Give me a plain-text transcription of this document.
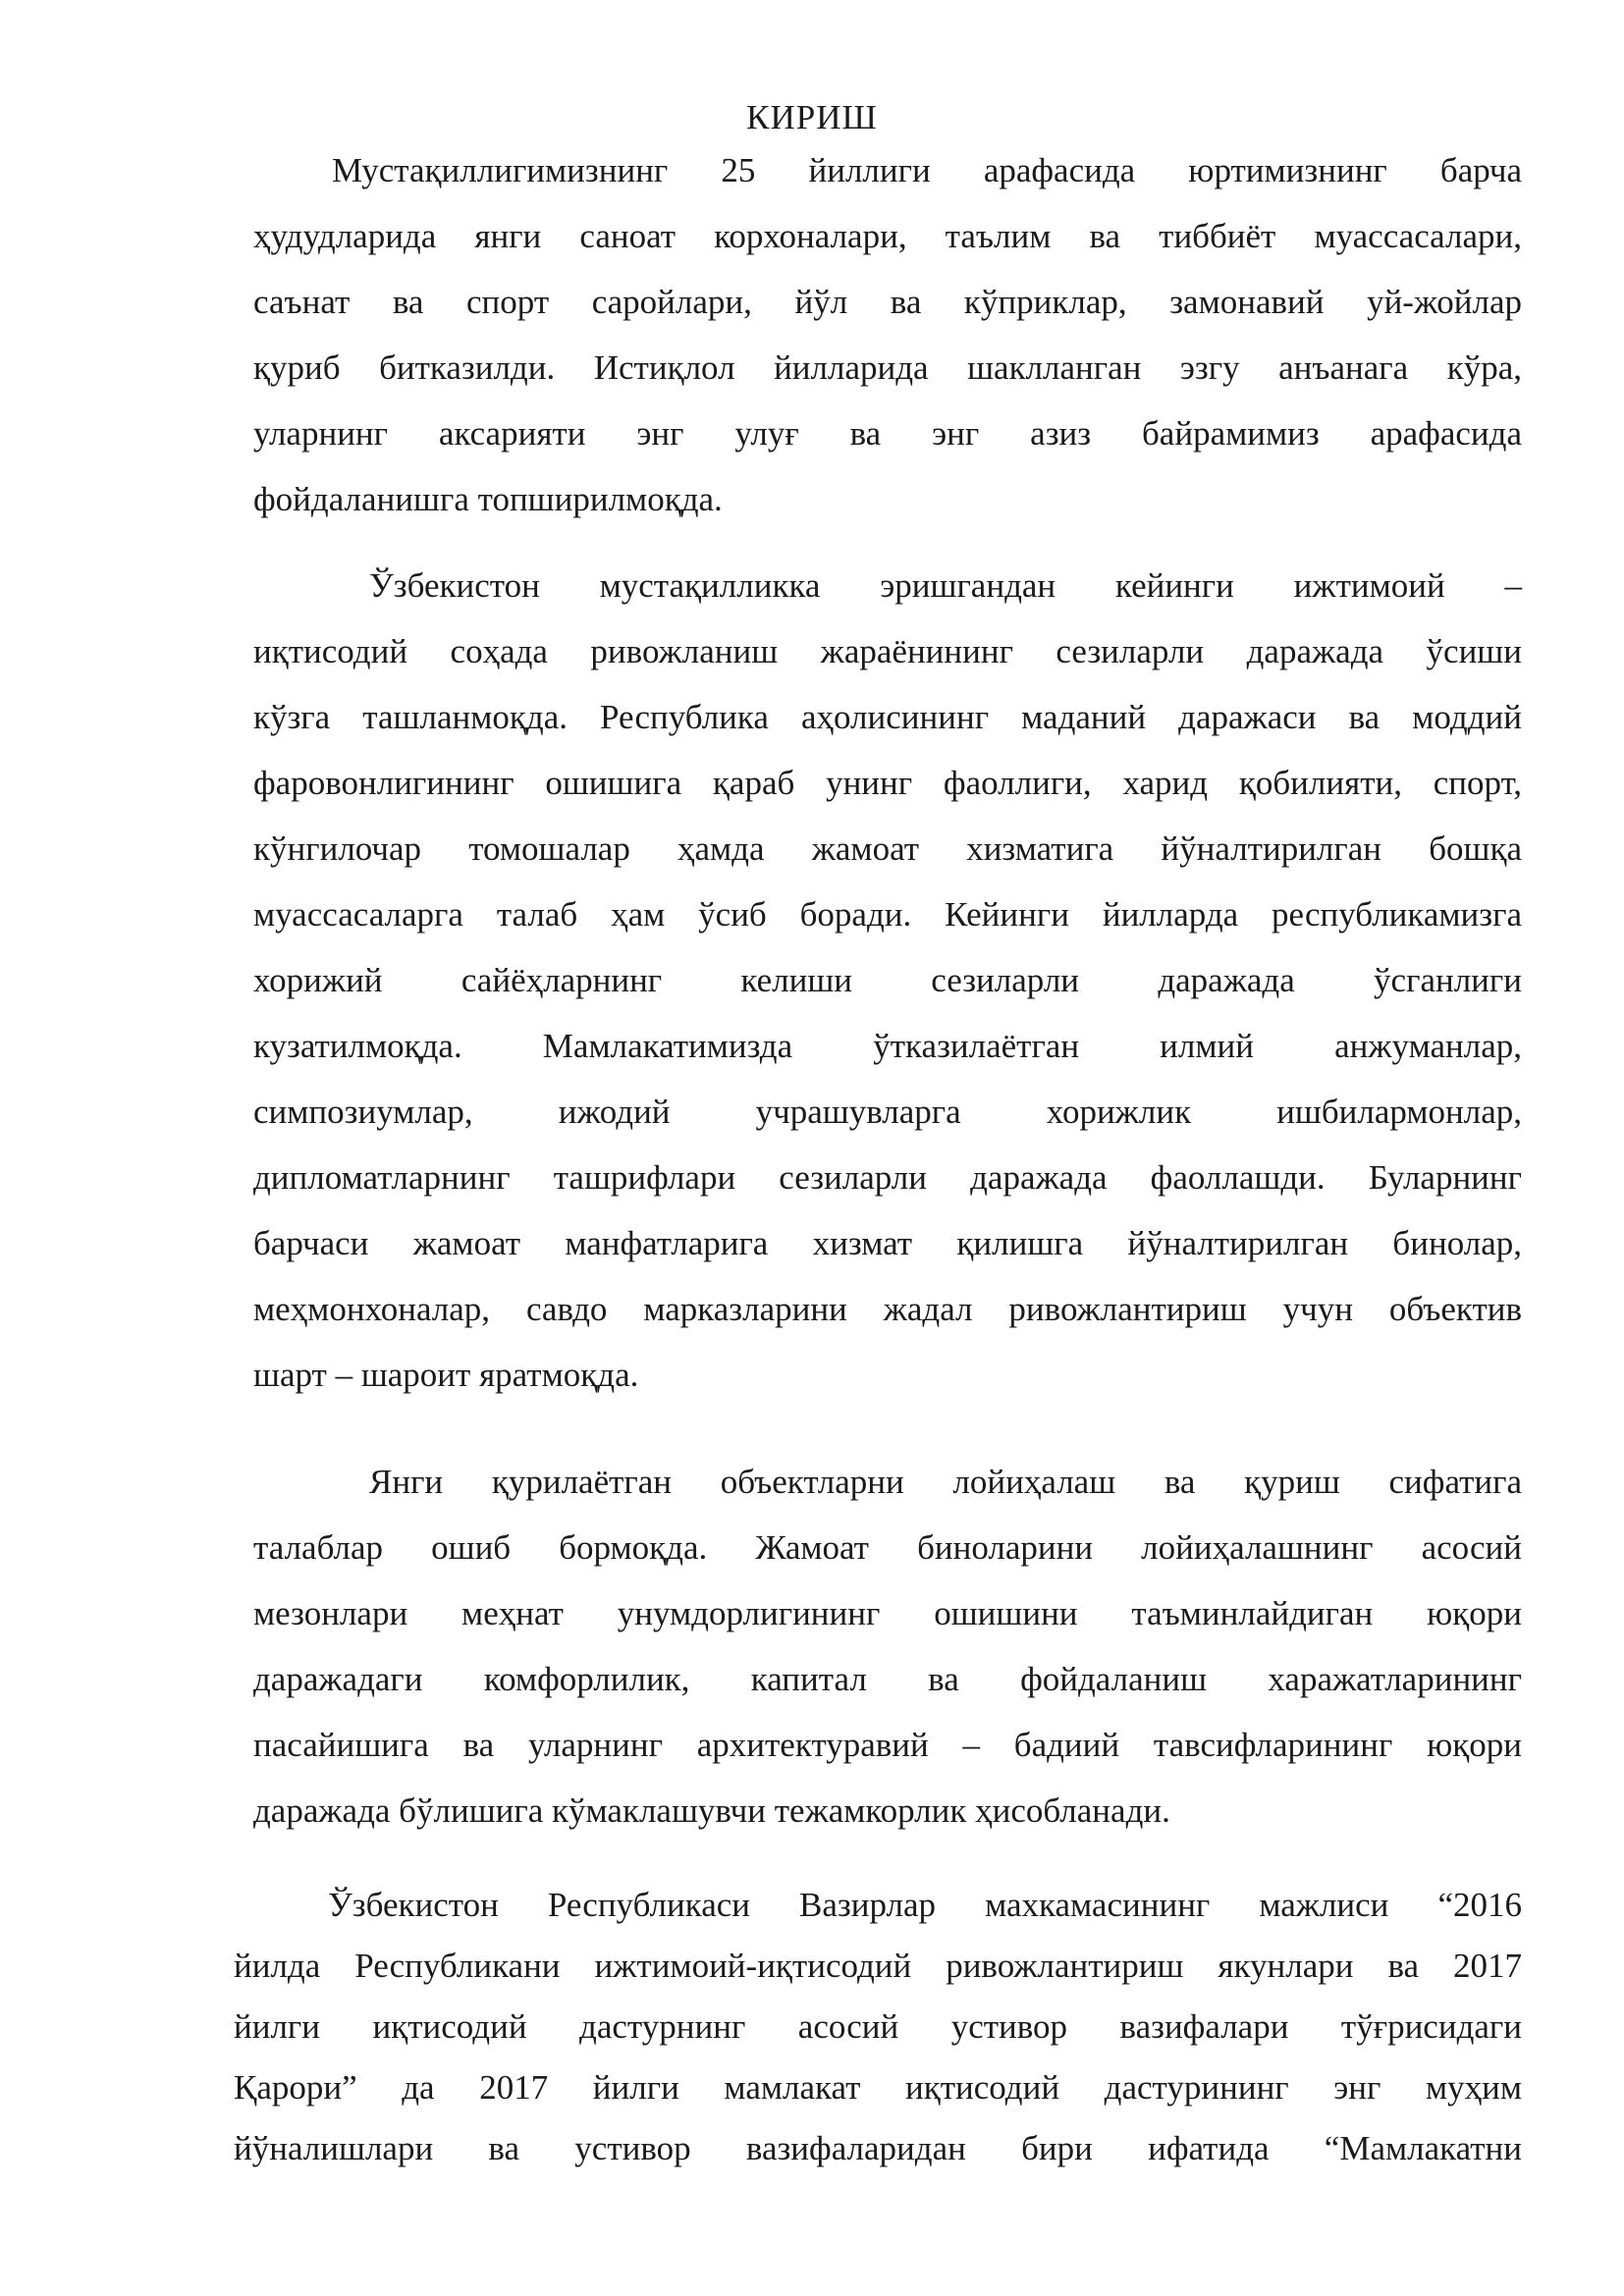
КИРИШ
Мустақиллигимизнинг 25 йиллиги арафасида юртимизнинг барча
ҳудудларида янги саноат корхоналари, таълим ва тиббиёт муассасалари,
саънат ва спорт саройлари, йўл ва кўприклар, замонавий уй-жойлар
қуриб битказилди. Истиқлол йилларида шаклланган эзгу анъанага кўра,
уларнинг аксарияти энг улуғ ва энг азиз байрамимиз арафасида
фойдаланишга топширилмоқда.
Ўзбекистон мустақилликка эришгандан кейинги ижтимоий –
иқтисодий соҳада ривожланиш жараёнининг сезиларли даражада ўсиши
кўзга ташланмоқда. Республика аҳолисининг маданий даражаси ва моддий
фаровонлигининг ошишига қараб унинг фаоллиги, харид қобилияти, спорт,
кўнгилочар томошалар ҳамда жамоат хизматига йўналтирилган бошқа
муассасаларга талаб ҳам ўсиб боради. Кейинги йилларда республикамизга
хорижий сайёҳларнинг келиши сезиларли даражада ўсганлиги
кузатилмоқда. Мамлакатимизда ўтказилаётган илмий анжуманлар,
симпозиумлар, ижодий учрашувларга хорижлик ишбилармонлар,
дипломатларнинг ташрифлари сезиларли даражада фаоллашди. Буларнинг
барчаси жамоат манфатларига хизмат қилишга йўналтирилган бинолар,
меҳмонхоналар, савдо марказларини жадал ривожлантириш учун объектив
шарт – шароит яратмоқда.
Янги қурилаётган объектларни лойиҳалаш ва қуриш сифатига
талаблар ошиб бормоқда. Жамоат биноларини лойиҳалашнинг асосий
мезонлари меҳнат унумдорлигининг ошишини таъминлайдиган юқори
даражадаги комфорлилик, капитал ва фойдаланиш харажатларининг
пасайишига ва уларнинг архитектуравий – бадиий тавсифларининг юқори
даражада бўлишига кўмаклашувчи тежамкорлик ҳисобланади.
Ўзбекистон Республикаси Вазирлар махкамасининг мажлиси “2016
йилда Республикани ижтимоий-иқтисодий ривожлантириш якунлари ва 2017
йилги иқтисодий дастурнинг асосий устивор вазифалари тўғрисидаги
Қарори” да 2017 йилги мамлакат иқтисодий дастурининг энг муҳим
йўналишлари ва устивор вазифаларидан бири ифатида “Мамлакатни
